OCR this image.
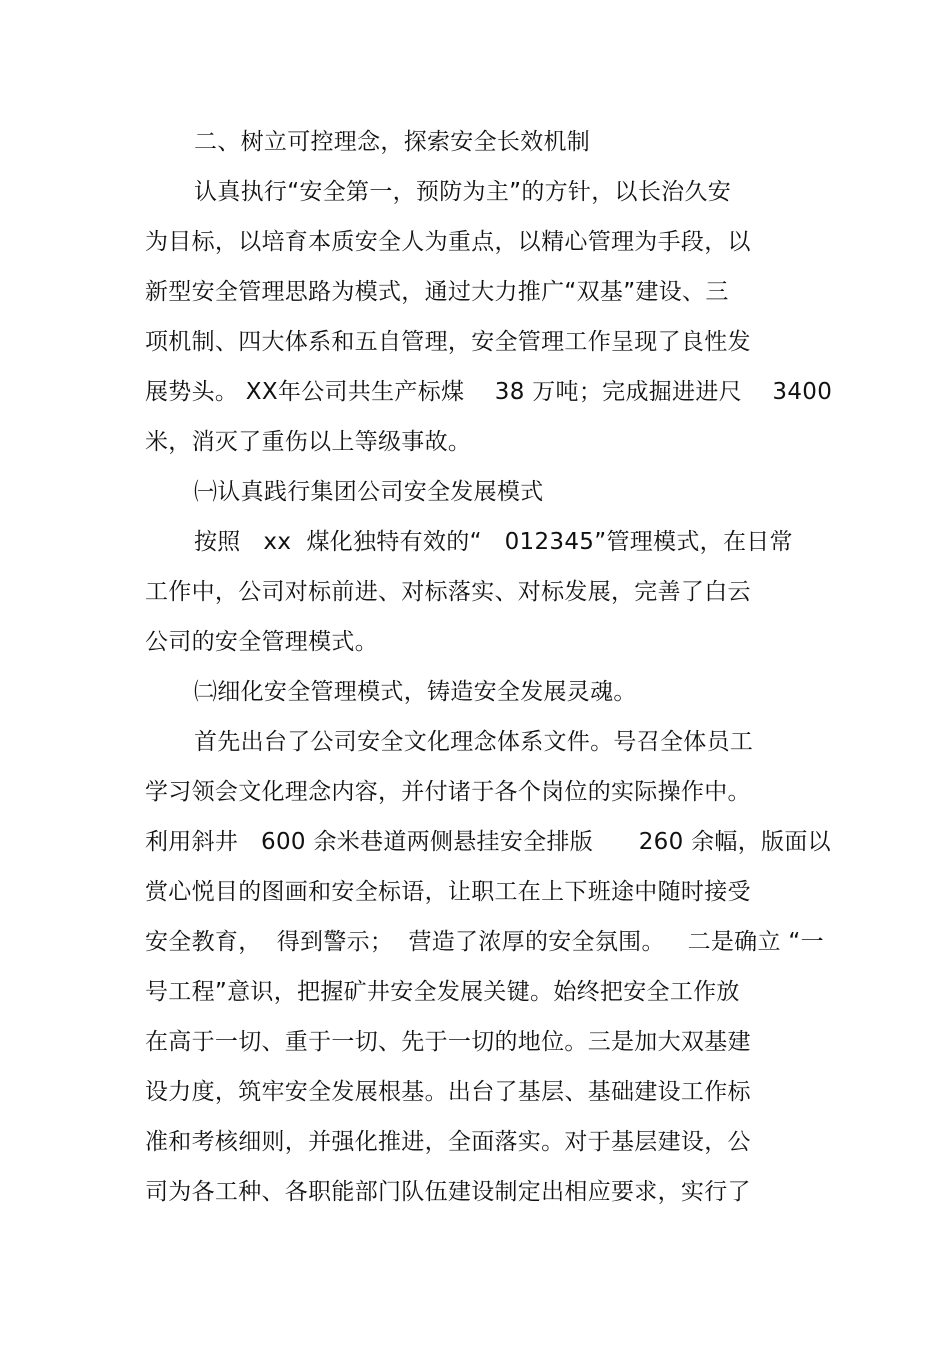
二、树立可控理念，探索安全长效机制
认真执行“安全第一，预防为主”的方针，以长治久安
为目标，以培育本质安全人为重点，以精心管理为手段，以
新型安全管理思路为模式，通过大力推广“双基”建设、三
项机制、四大体系和五自管理，安全管理工作呈现了良性发
展势头。 XX年公司共生产标煤    38 万吨；完成掘进进尺    3400
米，消灭了重伤以上等级事故。
㈠认真践行集团公司安全发展模式
按照   xx  煤化独特有效的“   012345”管理模式，在日常
工作中，公司对标前进、对标落实、对标发展，完善了白云
公司的安全管理模式。
㈡细化安全管理模式，铸造安全发展灵魂。
首先出台了公司安全文化理念体系文件。号召全体员工
学习领会文化理念内容，并付诸于各个岗位的实际操作中。
利用斜井   600 余米巷道两侧悬挂安全排版      260 余幅，版面以
赏心悦目的图画和安全标语，让职工在上下班途中随时接受
安全教育，  得到警示；  营造了浓厚的安全氛围。   二是确立 “一
号工程”意识，把握矿井安全发展关键。始终把安全工作放
在高于一切、重于一切、先于一切的地位。三是加大双基建
设力度，筑牢安全发展根基。出台了基层、基础建设工作标
准和考核细则，并强化推进，全面落实。对于基层建设，公
司为各工种、各职能部门队伍建设制定出相应要求，实行了
